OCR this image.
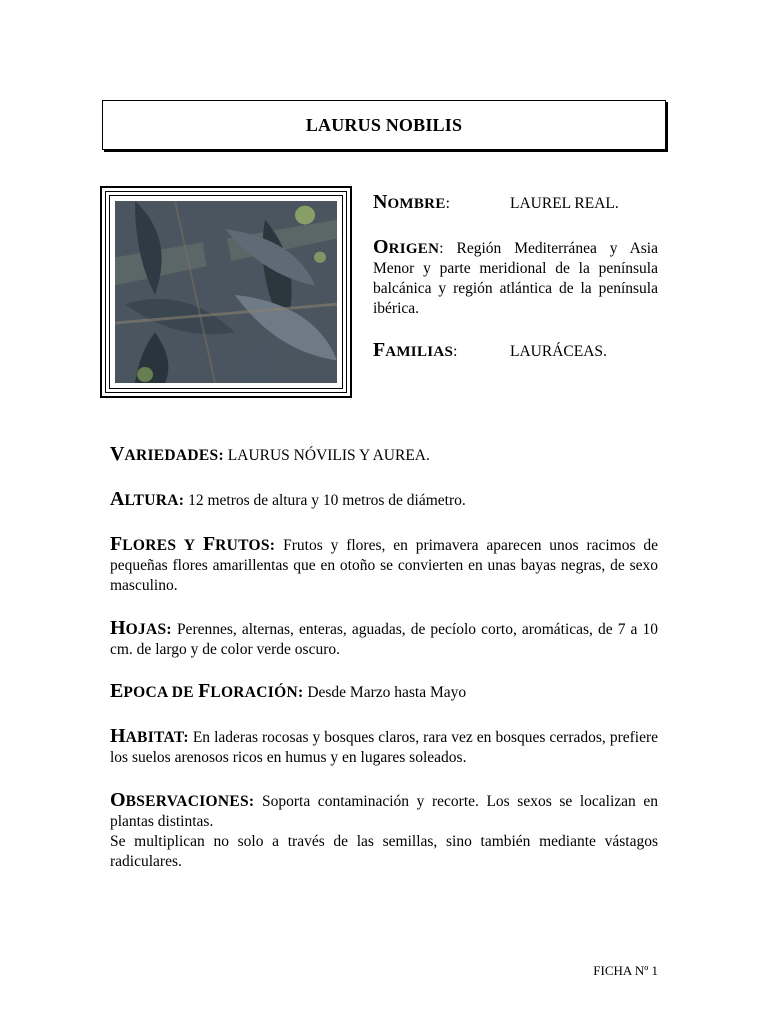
LAURUS NOBILIS
NOMBRE:	LAUREL REAL.
ORIGEN: Región Mediterránea y Asia Menor y parte meridional de la península balcánica y región atlántica de la península ibérica.
FAMILIAS:	LAURÁCEAS.
VARIEDADES: LAURUS NÓVILIS Y AUREA.
ALTURA: 12 metros de altura y 10 metros de diámetro.
FLORES Y FRUTOS: Frutos y flores, en primavera aparecen unos racimos de pequeñas flores amarillentas que en otoño se convierten en unas bayas negras, de sexo masculino.
HOJAS: Perennes, alternas, enteras, aguadas, de pecíolo corto, aromáticas, de 7 a 10 cm. de largo y de color verde oscuro.
EPOCA DE FLORACIÓN: Desde Marzo hasta Mayo
HABITAT: En laderas rocosas y bosques claros, rara vez en bosques cerrados, prefiere los suelos arenosos ricos en humus y en lugares soleados.
OBSERVACIONES: Soporta contaminación y recorte. Los sexos se localizan en plantas distintas.
Se multiplican no solo a través de las semillas, sino también mediante vástagos radiculares.
FICHA Nº 1
